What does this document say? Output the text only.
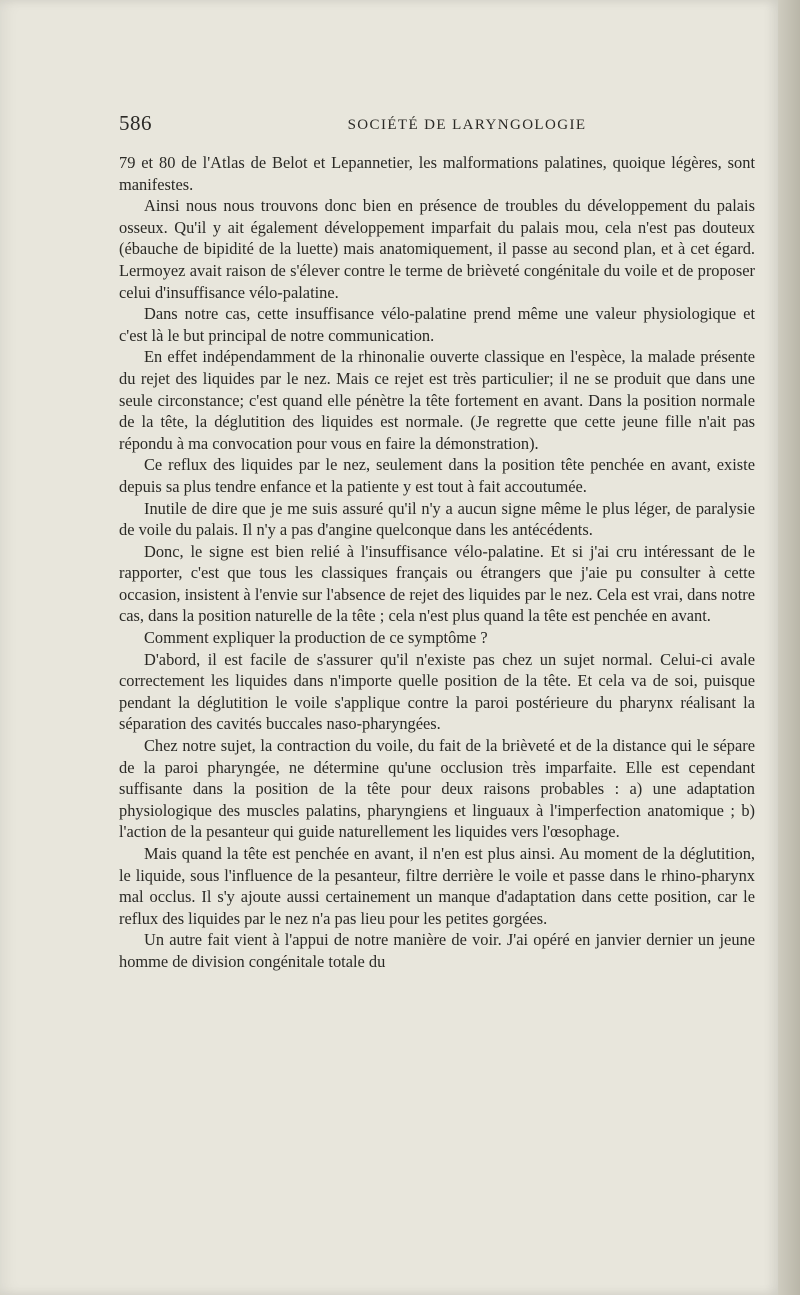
586	SOCIÉTÉ DE LARYNGOLOGIE

79 et 80 de l'Atlas de Belot et Lepannetier, les malformations palatines, quoique légères, sont manifestes.

Ainsi nous nous trouvons donc bien en présence de troubles du développement du palais osseux. Qu'il y ait également développement imparfait du palais mou, cela n'est pas douteux (ébauche de bipidité de la luette) mais anatomiquement, il passe au second plan, et à cet égard. Lermoyez avait raison de s'élever contre le terme de brièveté congénitale du voile et de proposer celui d'insuffisance vélo-palatine.

Dans notre cas, cette insuffisance vélo-palatine prend même une valeur physiologique et c'est là le but principal de notre communication.

En effet indépendamment de la rhinonalie ouverte classique en l'espèce, la malade présente du rejet des liquides par le nez. Mais ce rejet est très particulier; il ne se produit que dans une seule circonstance; c'est quand elle pénètre la tête fortement en avant. Dans la position normale de la tête, la déglutition des liquides est normale. (Je regrette que cette jeune fille n'ait pas répondu à ma convocation pour vous en faire la démonstration).

Ce reflux des liquides par le nez, seulement dans la position tête penchée en avant, existe depuis sa plus tendre enfance et la patiente y est tout à fait accoutumée.

Inutile de dire que je me suis assuré qu'il n'y a aucun signe même le plus léger, de paralysie de voile du palais. Il n'y a pas d'angine quelconque dans les antécédents.

Donc, le signe est bien relié à l'insuffisance vélo-palatine. Et si j'ai cru intéressant de le rapporter, c'est que tous les classiques français ou étrangers que j'aie pu consulter à cette occasion, insistent à l'envie sur l'absence de rejet des liquides par le nez. Cela est vrai, dans notre cas, dans la position naturelle de la tête ; cela n'est plus quand la tête est penchée en avant.

Comment expliquer la production de ce symptôme ?

D'abord, il est facile de s'assurer qu'il n'existe pas chez un sujet normal. Celui-ci avale correctement les liquides dans n'importe quelle position de la tête. Et cela va de soi, puisque pendant la déglutition le voile s'applique contre la paroi postérieure du pharynx réalisant la séparation des cavités buccales naso-pharyngées.

Chez notre sujet, la contraction du voile, du fait de la brièveté et de la distance qui le sépare de la paroi pharyngée, ne détermine qu'une occlusion très imparfaite. Elle est cependant suffisante dans la position de la tête pour deux raisons probables : a) une adaptation physiologique des muscles palatins, pharyngiens et linguaux à l'imperfection anatomique ; b) l'action de la pesanteur qui guide naturellement les liquides vers l'œsophage.

Mais quand la tête est penchée en avant, il n'en est plus ainsi. Au moment de la déglutition, le liquide, sous l'influence de la pesanteur, filtre derrière le voile et passe dans le rhino-pharynx mal occlus. Il s'y ajoute aussi certainement un manque d'adaptation dans cette position, car le reflux des liquides par le nez n'a pas lieu pour les petites gorgées.

Un autre fait vient à l'appui de notre manière de voir. J'ai opéré en janvier dernier un jeune homme de division congénitale totale du
